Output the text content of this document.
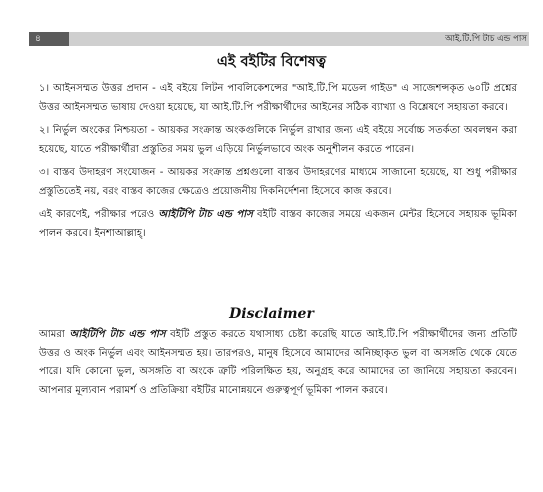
৪	আই.টি.পি টাচ এন্ড পাস
এই বইটির বিশেষত্ব

১। আইনসম্মত উত্তর প্রদান - এই বইয়ে লিটন পাবলিকেশন্সের "আই.টি.পি মডেল গাইড" এ সাজেশন্সকৃত ৬০টি প্রশ্নের উত্তর আইনসম্মত ভাষায় দেওয়া হয়েছে, যা আই.টি.পি পরীক্ষার্থীদের আইনের সঠিক ব্যাখ্যা ও বিশ্লেষণে সহায়তা করবে।

২। নির্ভুল অংকের নিশ্চয়তা - আয়কর সংক্রান্ত অংকগুলিকে নির্ভুল রাখার জন্য এই বইয়ে সর্বোচ্চ সতর্কতা অবলম্বন করা হয়েছে, যাতে পরীক্ষার্থীরা প্রস্তুতির সময় ভুল এড়িয়ে নির্ভুলভাবে অংক অনুশীলন করতে পারেন।

৩। বাস্তব উদাহরণ সংযোজন - আয়কর সংক্রান্ত প্রশ্নগুলো বাস্তব উদাহরণের মাধ্যমে সাজানো হয়েছে, যা শুধু পরীক্ষার প্রস্তুতিতেই নয়, বরং বাস্তব কাজের ক্ষেত্রেও প্রয়োজনীয় দিকনির্দেশনা হিসেবে কাজ করবে।

এই কারণেই, পরীক্ষার পরেও আইটিপি টাচ এন্ড পাস বইটি বাস্তব কাজের সময়ে একজন মেন্টর হিসেবে সহায়ক ভূমিকা পালন করবে। ইনশাআল্লাহ্।

Disclaimer

আমরা আইটিপি টাচ এন্ড পাস বইটি প্রস্তুত করতে যথাসাধ্য চেষ্টা করেছি যাতে আই.টি.পি পরীক্ষার্থীদের জন্য প্রতিটি উত্তর ও অংক নির্ভুল এবং আইনসম্মত হয়। তারপরও, মানুষ হিসেবে আমাদের অনিচ্ছাকৃত ভুল বা অসঙ্গতি থেকে যেতে পারে। যদি কোনো ভুল, অসঙ্গতি বা অংকে ত্রুটি পরিলক্ষিত হয়, অনুগ্রহ করে আমাদের তা জানিয়ে সহায়তা করবেন। আপনার মূল্যবান পরামর্শ ও প্রতিক্রিয়া বইটির মানোন্নয়নে গুরুত্বপূর্ণ ভূমিকা পালন করবে।
